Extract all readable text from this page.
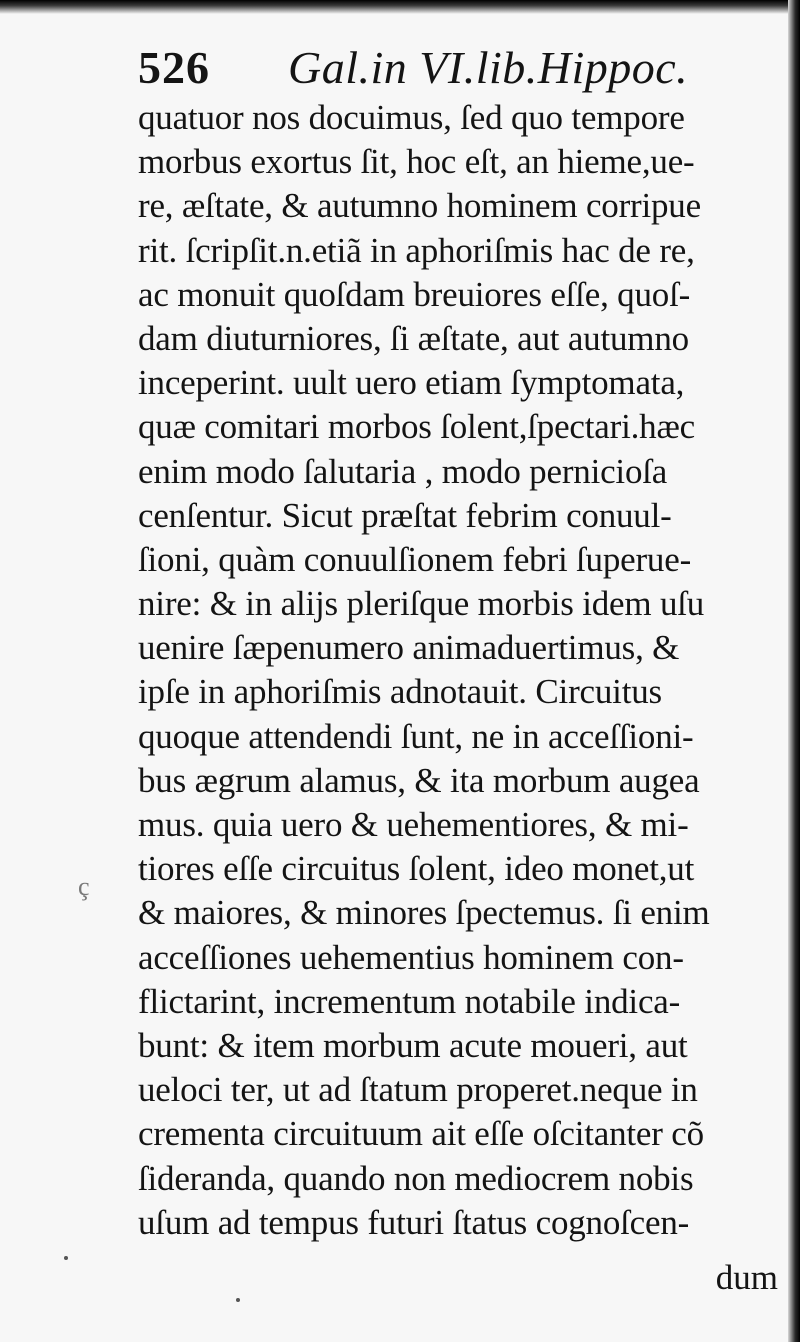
526 Gal.in VI.lib.Hippoc.
ç
quatuor nos docuimus, ſed quo tempore
morbus exortus ſit, hoc eſt, an hieme,ue-
re, æſtate, & autumno hominem corripue
rit. ſcripſit.n.etiã in aphoriſmis hac de re,
ac monuit quoſdam breuiores eſſe, quoſ-
dam diuturniores, ſi æſtate, aut autumno
inceperint. uult uero etiam ſymptomata,
quæ comitari morbos ſolent,ſpectari.hæc
enim modo ſalutaria , modo pernicioſa
cenſentur. Sicut præſtat febrim conuul-
ſioni, quàm conuulſionem febri ſuperue-
nire: & in alijs pleriſque morbis idem uſu
uenire ſæpenumero animaduertimus, &
ipſe in aphoriſmis adnotauit. Circuitus
quoque attendendi ſunt, ne in acceſſioni-
bus ægrum alamus, & ita morbum augea
mus. quia uero & uehementiores, & mi-
tiores eſſe circuitus ſolent, ideo monet,ut
& maiores, & minores ſpectemus. ſi enim
acceſſiones uehementius hominem con-
flictarint, incrementum notabile indica-
bunt: & item morbum acute moueri, aut
ueloci ter, ut ad ſtatum properet.neque in
crementa circuituum ait eſſe oſcitanter cõ
ſideranda, quando non mediocrem nobis
uſum ad tempus futuri ſtatus cognoſcen-
dum
